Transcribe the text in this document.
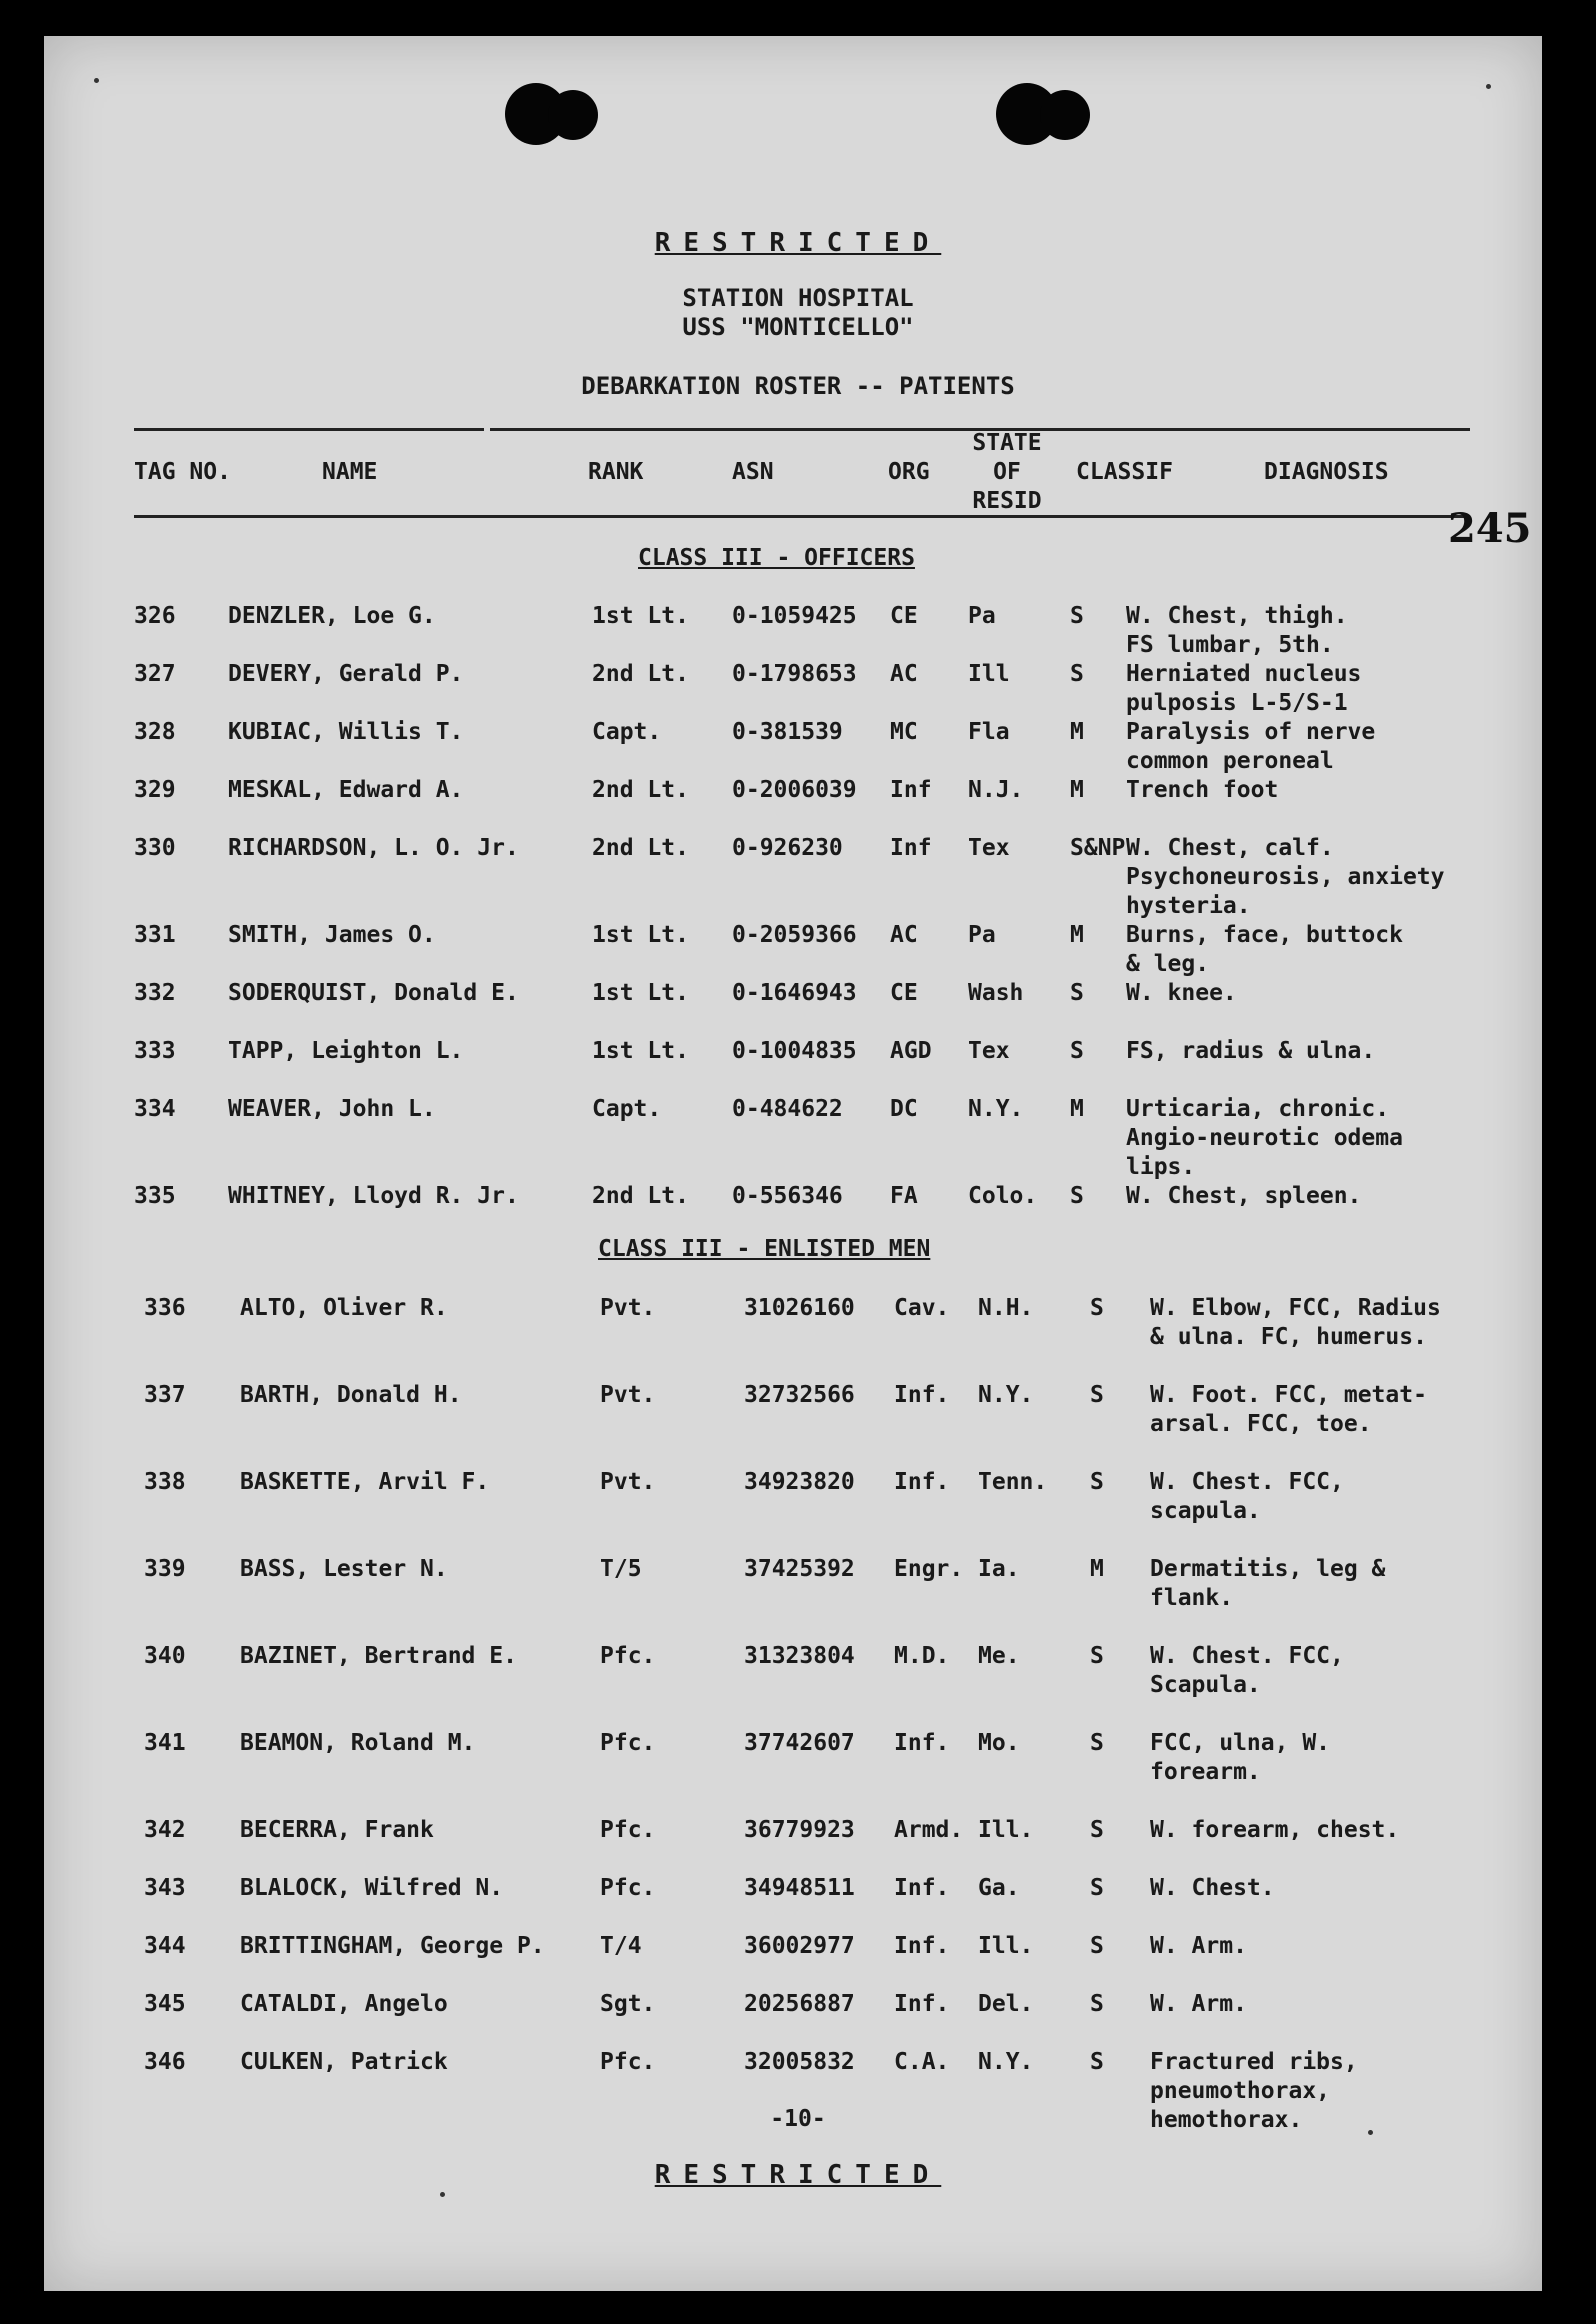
RESTRICTED
STATION HOSPITAL
USS "MONTICELLO"
DEBARKATION ROSTER -- PATIENTS
TAG NO.	NAME	RANK	ASN	ORG
STATE
OF
RESID
CLASSIF	DIAGNOSIS
245
CLASS III - OFFICERS
326 DENZLER, Loe G.	1st Lt. 0-1059425 CE Pa	S W. Chest, thigh.
FS lumbar, 5th.
327 DEVERY, Gerald P.	2nd Lt. 0-1798653 AC Ill	S Herniated nucleus
pulposis L-5/S-1
328 KUBIAC, Willis T.	Capt.	0-381539 MC Fla	M Paralysis of nerve
common peroneal
329 MESKAL, Edward A.	2nd Lt. 0-2006039 Inf N.J. M Trench foot
330 RICHARDSON, L. O. Jr.	2nd Lt. 0-926230 Inf Tex	S&NP W. Chest, calf.
Psychoneurosis, anxiety
hysteria.
331 SMITH, James O.	1st Lt. 0-2059366 AC Pa	M Burns, face, buttock
& leg.
332 SODERQUIST, Donald E.	1st Lt. 0-1646943 CE Wash S W. knee.
333 TAPP, Leighton L.	1st Lt. 0-1004835 AGD Tex	S FS, radius & ulna.
334 WEAVER, John L.	Capt.	0-484622 DC N.Y. M Urticaria, chronic.
Angio-neurotic odema
lips.
335 WHITNEY, Lloyd R. Jr.	2nd Lt. 0-556346 FA Colo. S W. Chest, spleen.
CLASS III - ENLISTED MEN
336 ALTO, Oliver R.	Pvt.	31026160 Cav. N.H. S W. Elbow, FCC, Radius
& ulna. FC, humerus.
337 BARTH, Donald H.	Pvt.	32732566 Inf. N.Y. S W. Foot. FCC, metat-
arsal. FCC, toe.
338 BASKETTE, Arvil F.	Pvt.	34923820 Inf. Tenn. S W. Chest. FCC,
scapula.
339 BASS, Lester N.	T/5	37425392 Engr. Ia.	M Dermatitis, leg &
flank.
340 BAZINET, Bertrand E.	Pfc.	31323804 M.D. Me.	S W. Chest. FCC,
Scapula.
341 BEAMON, Roland M.	Pfc.	37742607 Inf. Mo.	S FCC, ulna, W.
forearm.
342 BECERRA, Frank	Pfc.	36779923 Armd. Ill. S W. forearm, chest.
343 BLALOCK, Wilfred N.	Pfc.	34948511 Inf. Ga.	S W. Chest.
344 BRITTINGHAM, George P. T/4	36002977 Inf. Ill. S W. Arm.
345 CATALDI, Angelo	Sgt.	20256887 Inf. Del. S W. Arm.
346 CULKEN, Patrick	Pfc.	32005832 C.A. N.Y. S Fractured ribs,
pneumothorax,
hemothorax.
-10-
RESTRICTED
